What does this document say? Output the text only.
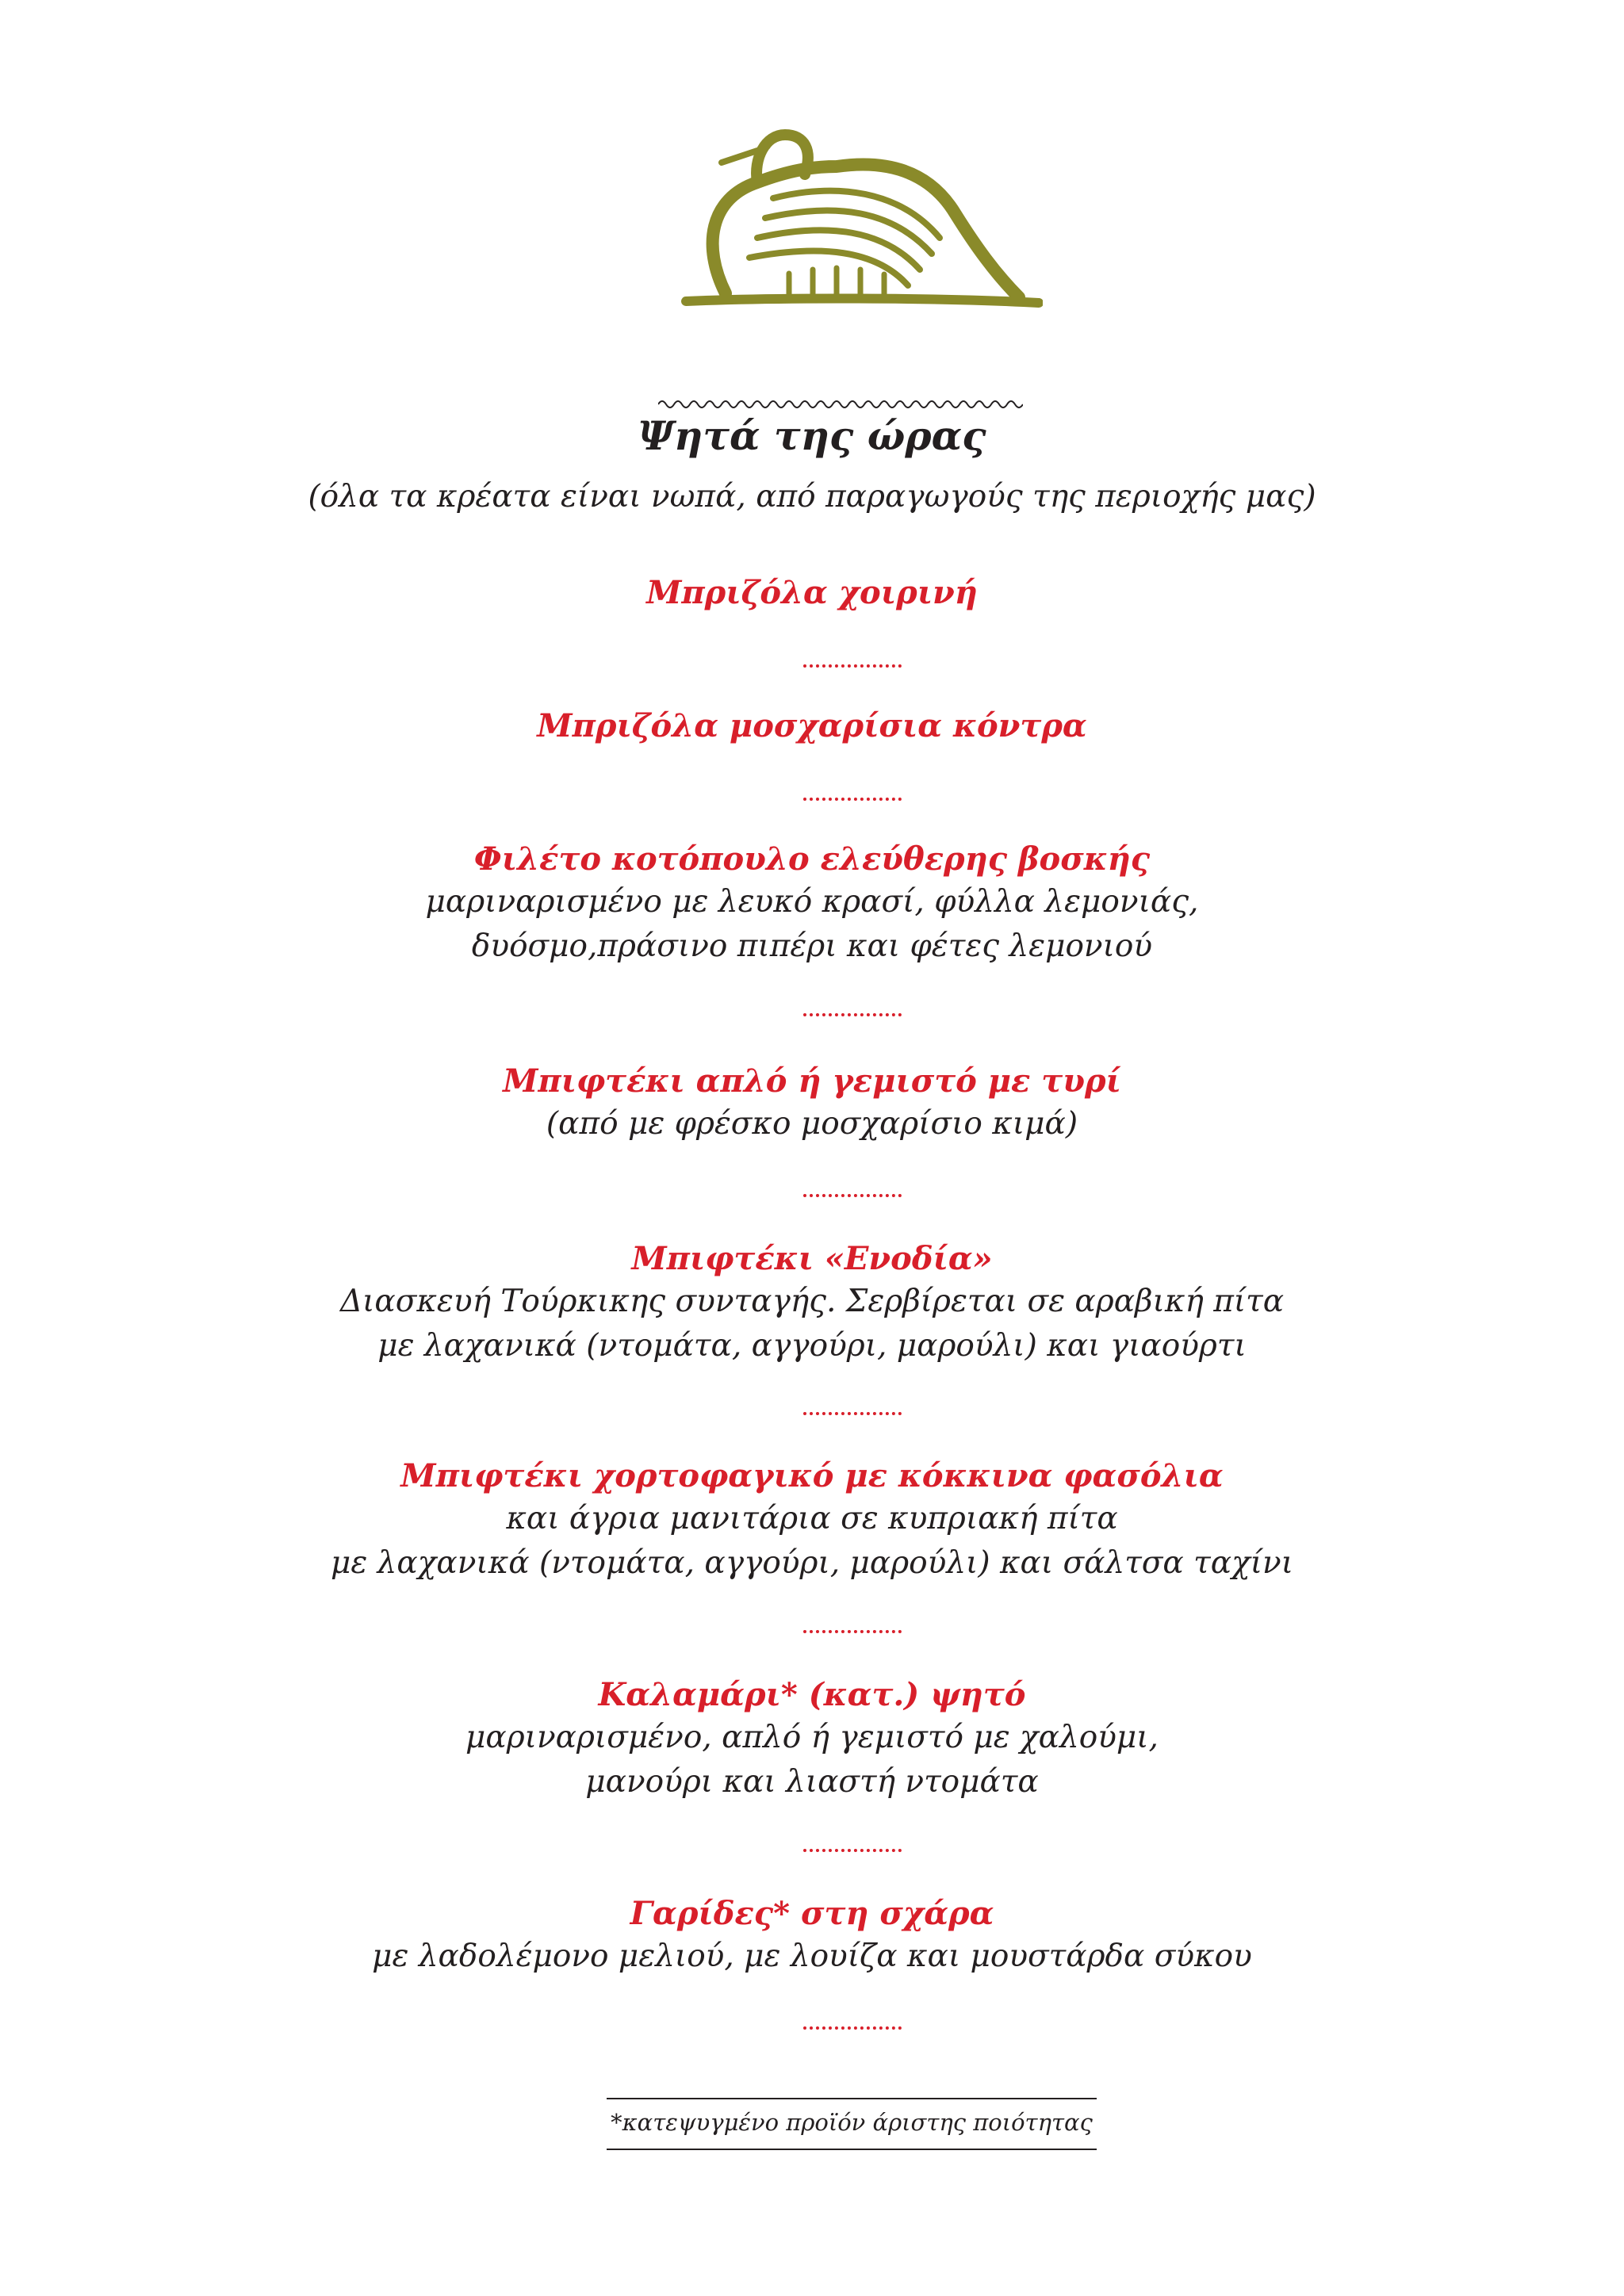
Ψητά της ώρας
(όλα τα κρέατα είναι νωπά, από παραγωγούς της περιοχής μας)
Μπριζόλα χοιρινή
Μπριζόλα μοσχαρίσια κόντρα
Φιλέτο κοτόπουλο ελεύθερης βοσκής
μαριναρισμένο με λευκό κρασί, φύλλα λεμονιάς,
δυόσμο,πράσινο πιπέρι και φέτες λεμονιού
Μπιφτέκι απλό ή γεμιστό με τυρί
(από με φρέσκο μοσχαρίσιο κιμά)
Μπιφτέκι «Ενοδία»
Διασκευή Τούρκικης συνταγής. Σερβίρεται σε αραβική πίτα
με λαχανικά (ντομάτα, αγγούρι, μαρούλι) και γιαούρτι
Μπιφτέκι χορτοφαγικό με κόκκινα φασόλια
και άγρια μανιτάρια σε κυπριακή πίτα
με λαχανικά (ντομάτα, αγγούρι, μαρούλι) και σάλτσα ταχίνι
Καλαμάρι* (κατ.) ψητό
μαριναρισμένο, απλό ή γεμιστό με χαλούμι,
μανούρι και λιαστή ντομάτα
Γαρίδες* στη σχάρα
με λαδολέμονο μελιού, με λουίζα και μουστάρδα σύκου
*κατεψυγμένο προϊόν άριστης ποιότητας
